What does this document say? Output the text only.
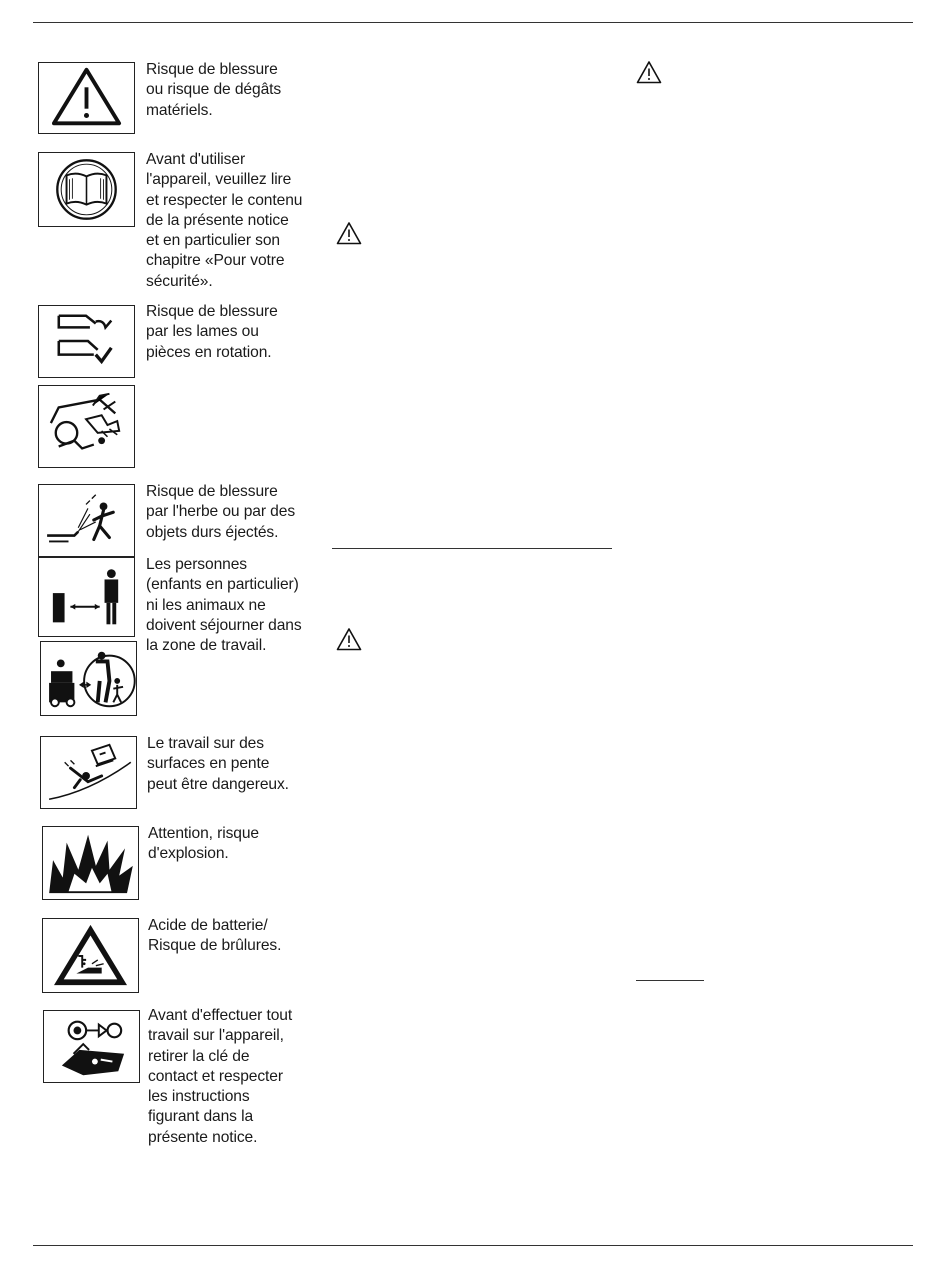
Risque de blessure
ou risque de dégâts
matériels.
Avant d'utiliser
l'appareil, veuillez lire
et respecter le contenu
de la présente notice
et en particulier son
chapitre «Pour votre
sécurité».
Risque de blessure
par les lames ou
pièces en rotation.
Risque de blessure
par l'herbe ou par des
objets durs éjectés.
Les personnes
(enfants en particulier)
ni les animaux ne
doivent séjourner dans
la zone de travail.
Le travail sur des
surfaces en pente
peut être dangereux.
Attention, risque
d'explosion.
Acide de batterie/
Risque de brûlures.
Avant d'effectuer tout
travail sur l'appareil,
retirer la clé de
contact et respecter
les instructions
figurant dans la
présente notice.
